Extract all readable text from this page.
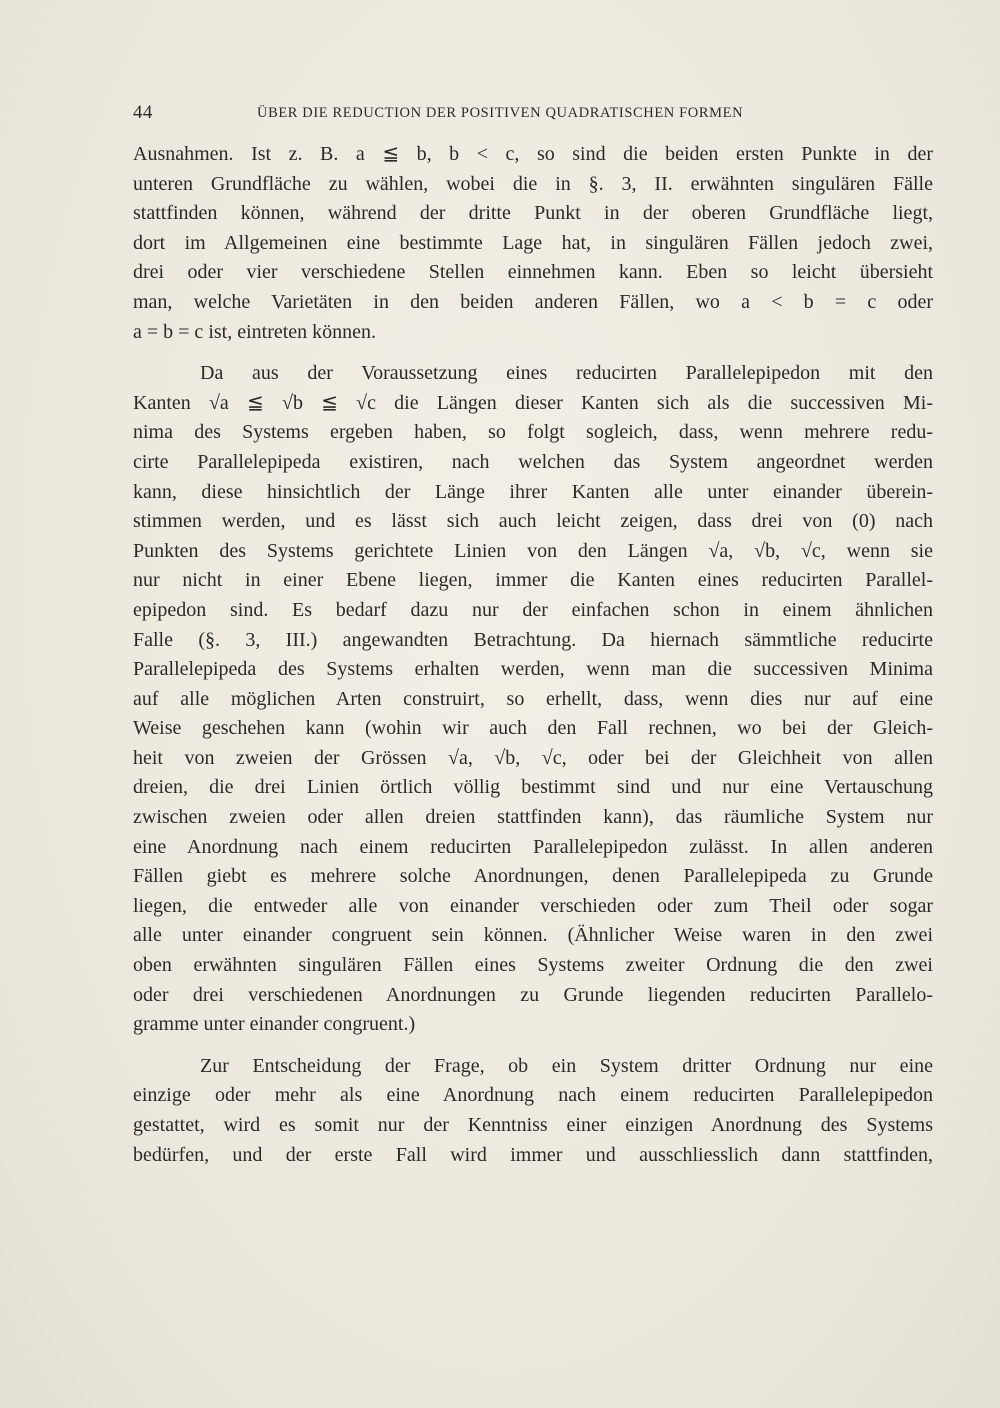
44	ÜBER DIE REDUCTION DER POSITIVEN QUADRATISCHEN FORMEN
Ausnahmen. Ist z. B. a ≦ b, b < c, so sind die beiden ersten Punkte in der
unteren Grundfläche zu wählen, wobei die in §. 3, II. erwähnten singulären Fälle
stattfinden können, während der dritte Punkt in der oberen Grundfläche liegt,
dort im Allgemeinen eine bestimmte Lage hat, in singulären Fällen jedoch zwei,
drei oder vier verschiedene Stellen einnehmen kann. Eben so leicht übersieht
man, welche Varietäten in den beiden anderen Fällen, wo a < b = c oder
a = b = c ist, eintreten können.
Da aus der Voraussetzung eines reducirten Parallelepipedon mit den
Kanten √a ≦ √b ≦ √c die Längen dieser Kanten sich als die successiven Mi-
nima des Systems ergeben haben, so folgt sogleich, dass, wenn mehrere redu-
cirte Parallelepipeda existiren, nach welchen das System angeordnet werden
kann, diese hinsichtlich der Länge ihrer Kanten alle unter einander überein-
stimmen werden, und es lässt sich auch leicht zeigen, dass drei von (0) nach
Punkten des Systems gerichtete Linien von den Längen √a, √b, √c, wenn sie
nur nicht in einer Ebene liegen, immer die Kanten eines reducirten Parallel-
epipedon sind. Es bedarf dazu nur der einfachen schon in einem ähnlichen
Falle (§. 3, III.) angewandten Betrachtung. Da hiernach sämmtliche reducirte
Parallelepipeda des Systems erhalten werden, wenn man die successiven Minima
auf alle möglichen Arten construirt, so erhellt, dass, wenn dies nur auf eine
Weise geschehen kann (wohin wir auch den Fall rechnen, wo bei der Gleich-
heit von zweien der Grössen √a, √b, √c, oder bei der Gleichheit von allen
dreien, die drei Linien örtlich völlig bestimmt sind und nur eine Vertauschung
zwischen zweien oder allen dreien stattfinden kann), das räumliche System nur
eine Anordnung nach einem reducirten Parallelepipedon zulässt. In allen anderen
Fällen giebt es mehrere solche Anordnungen, denen Parallelepipeda zu Grunde
liegen, die entweder alle von einander verschieden oder zum Theil oder sogar
alle unter einander congruent sein können. (Ähnlicher Weise waren in den zwei
oben erwähnten singulären Fällen eines Systems zweiter Ordnung die den zwei
oder drei verschiedenen Anordnungen zu Grunde liegenden reducirten Parallelo-
gramme unter einander congruent.)
Zur Entscheidung der Frage, ob ein System dritter Ordnung nur eine
einzige oder mehr als eine Anordnung nach einem reducirten Parallelepipedon
gestattet, wird es somit nur der Kenntniss einer einzigen Anordnung des Systems
bedürfen, und der erste Fall wird immer und ausschliesslich dann stattfinden,
